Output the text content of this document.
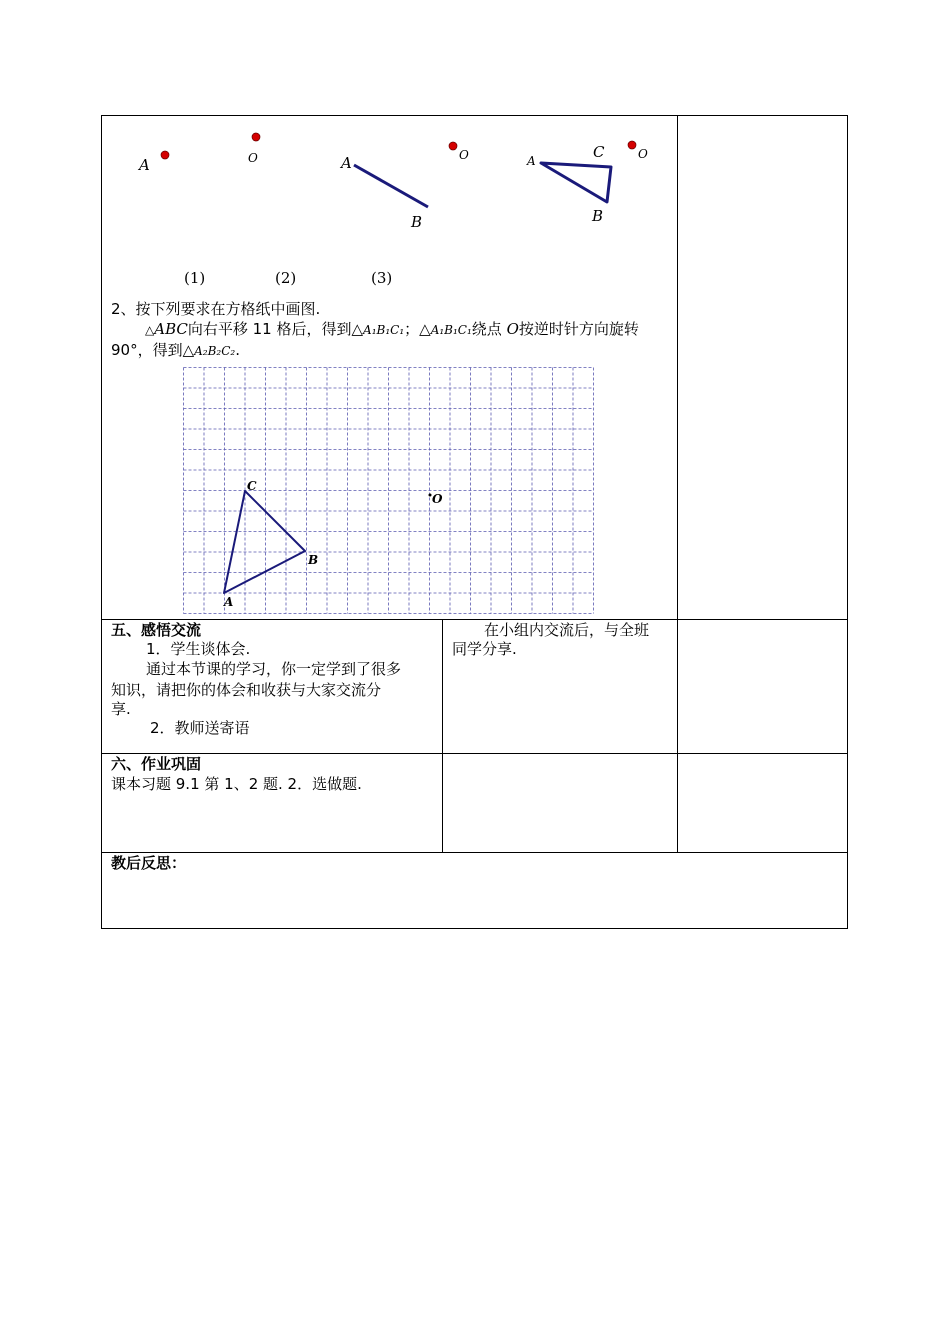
A	O	A
B
O	A	C
B
O
(1)	(2)	(3)
2、按下列要求在方格纸中画图.
△ABC向右平移 11 格后，得到△A₁B₁C₁；△A₁B₁C₁绕点 O按逆时针方向旋转
90°，得到△A₂B₂C₂.
C
B
A
O
五、感悟交流
1．学生谈体会.
通过本节课的学习，你一定学到了很多
知识，请把你的体会和收获与大家交流分
享.
2．教师送寄语
在小组内交流后，与全班
同学分享.
六、作业巩固
课本习题 9.1 第 1、2 题. 2．选做题.
教后反思：
